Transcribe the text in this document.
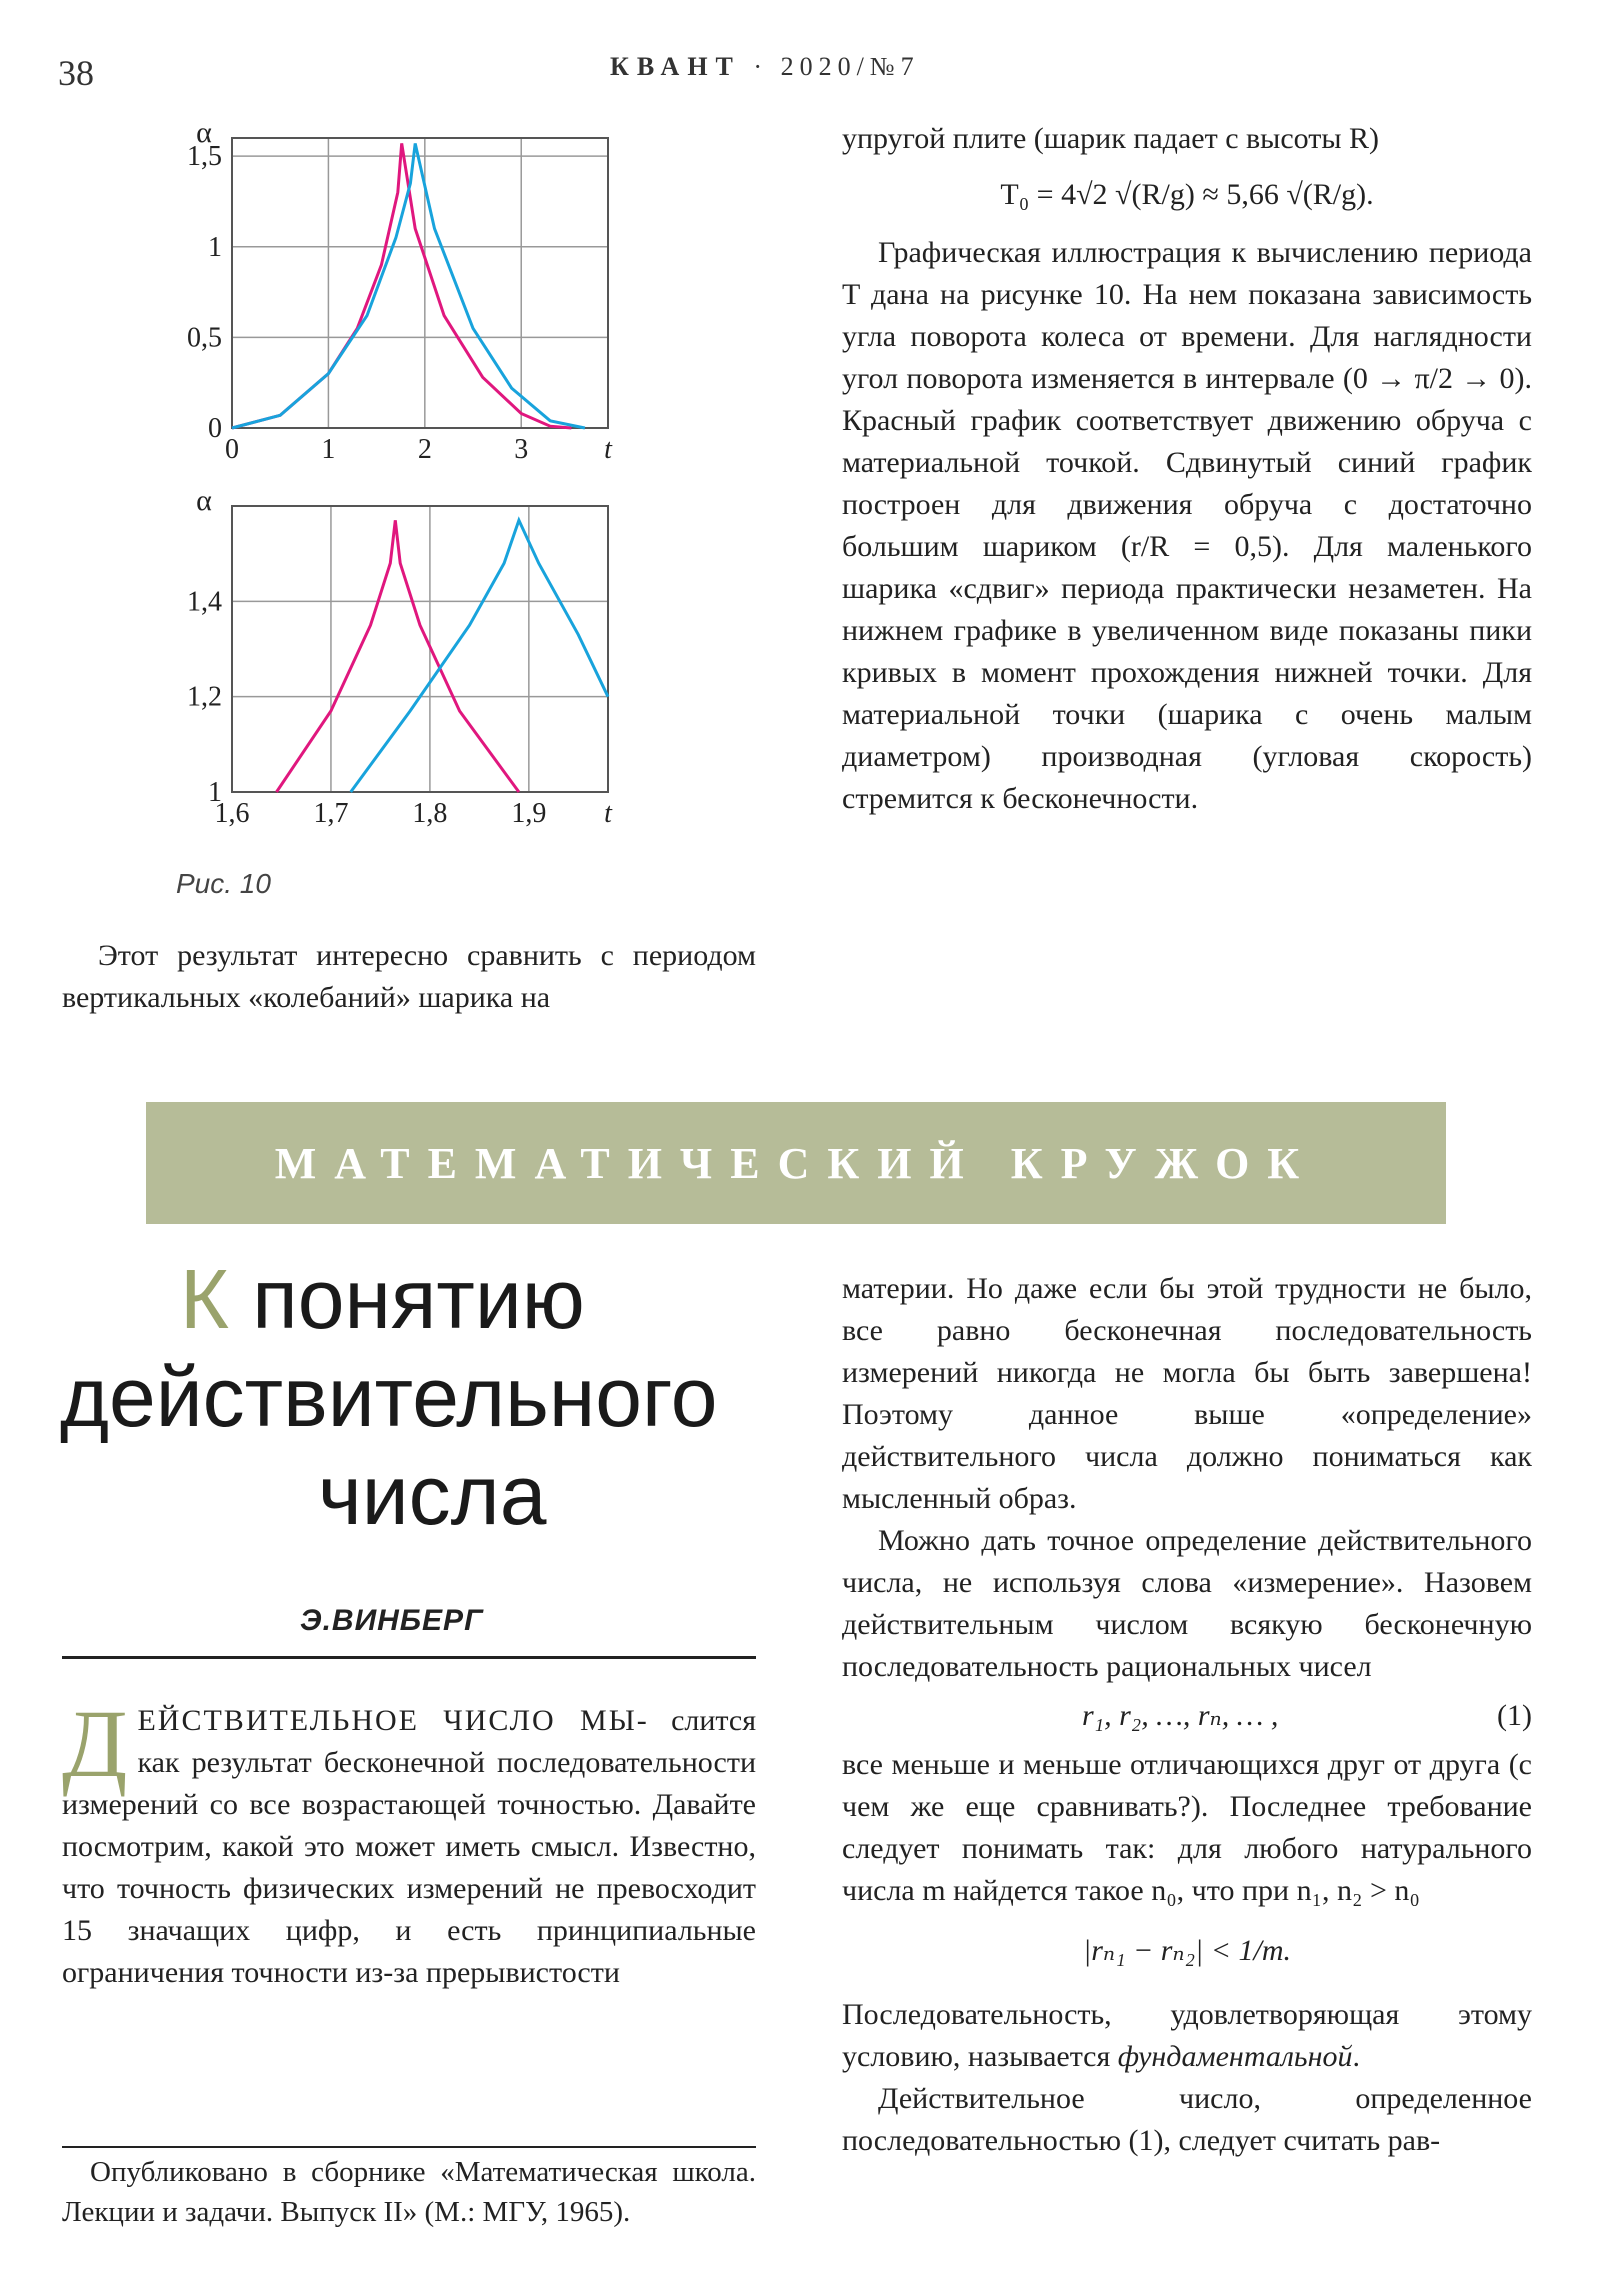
38	КВАНТ · 2020/№7
0	1	2	3
0
0,5
1
1,5
t
α
1,6 1,7 1,8 1,9
1
1,2
1,4
t
α
Рис. 10

Этот результат интересно сравнить с периодом вертикальных «колебаний» шарика на

упругой плите (шарик падает с высоты R)

T₀ = 4√2 √(R/g) ≈ 5,66 √(R/g).

Графическая иллюстрация к вычислению периода T дана на рисунке 10. На нем показана зависимость угла поворота колеса от времени. Для наглядности угол поворота изменяется в интервале (0 → π/2 → 0). Красный график соответствует движению обруча с материальной точкой. Сдвинутый синий график построен для движения обруча с достаточно большим шариком (r/R = 0,5). Для маленького шарика «сдвиг» периода практически незаметен. На нижнем графике в увеличенном виде показаны пики кривых в момент прохождения нижней точки. Для материальной точки (шарика с очень малым диаметром) производная (угловая скорость) стремится к бесконечности.

МАТЕМАТИЧЕСКИЙ КРУЖОК
К понятию
действительного
числа
Э.ВИНБЕРГ

ДЕЙСТВИТЕЛЬНОЕ ЧИСЛО МЫ- слится как результат бесконечной последовательности измерений со все возрастающей точностью. Давайте посмотрим, какой это может иметь смысл. Известно, что точность физических измерений не превосходит 15 значащих цифр, и есть принципиальные ограничения точности из-за прерывистости

Опубликовано в сборнике «Математическая школа. Лекции и задачи. Выпуск II» (М.: МГУ, 1965).

материи. Но даже если бы этой трудности не было, все равно бесконечная последовательность измерений никогда не могла бы быть завершена! Поэтому данное выше «определение» действительного числа должно пониматься как мысленный образ.

Можно дать точное определение действительного числа, не используя слова «измерение». Назовем действительным числом всякую бесконечную последовательность рациональных чисел

r₁, r₂, …, rₙ, … ,	(1)

все меньше и меньше отличающихся друг от друга (с чем же еще сравнивать?). Последнее требование следует понимать так: для любого натурального числа m найдется такое n₀, что при n₁, n₂ > n₀

|rₙ₁ − rₙ₂| < 1/m.

Последовательность, удовлетворяющая этому условию, называется фундаментальной.

Действительное число, определенное последовательностью (1), следует считать рав-
